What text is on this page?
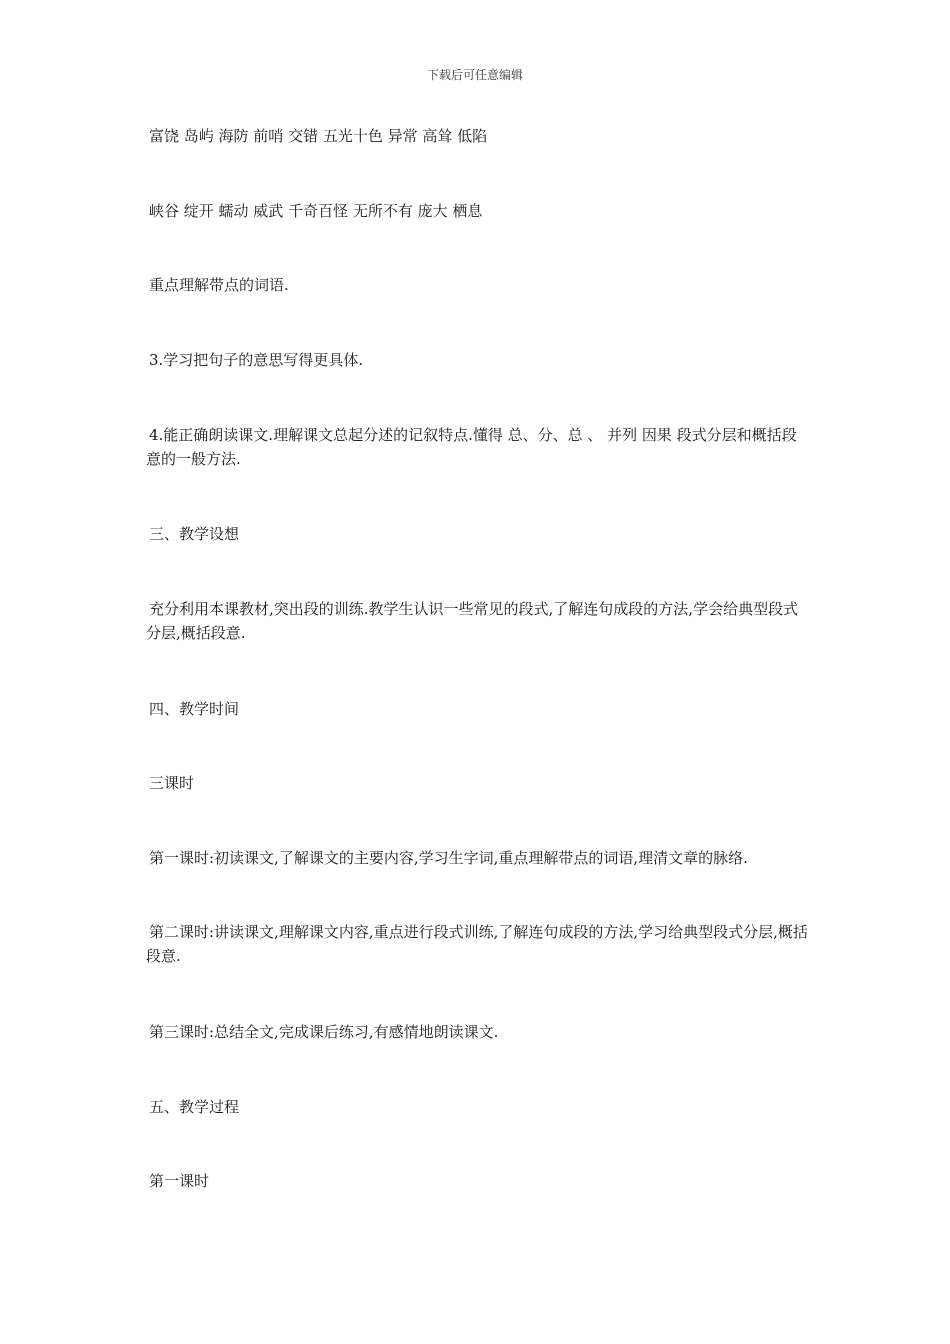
下载后可任意编辑
富饶 岛屿 海防 前哨 交错 五光十色 异常 高耸 低陷
峡谷 绽开 蠕动 威武 千奇百怪 无所不有 庞大 栖息
重点理解带点的词语.
3.学习把句子的意思写得更具体.
4.能正确朗读课文.理解课文总起分述的记叙特点.懂得 总、分、总 、 并列 因果 段式分层和概括段意的一般方法.
三、教学设想
充分利用本课教材,突出段的训练.教学生认识一些常见的段式,了解连句成段的方法,学会给典型段式分层,概括段意.
四、教学时间
三课时
第一课时:初读课文,了解课文的主要内容,学习生字词,重点理解带点的词语,理清文章的脉络.
第二课时:讲读课文,理解课文内容,重点进行段式训练,了解连句成段的方法,学习给典型段式分层,概括段意.
第三课时:总结全文,完成课后练习,有感情地朗读课文.
五、教学过程
第一课时
